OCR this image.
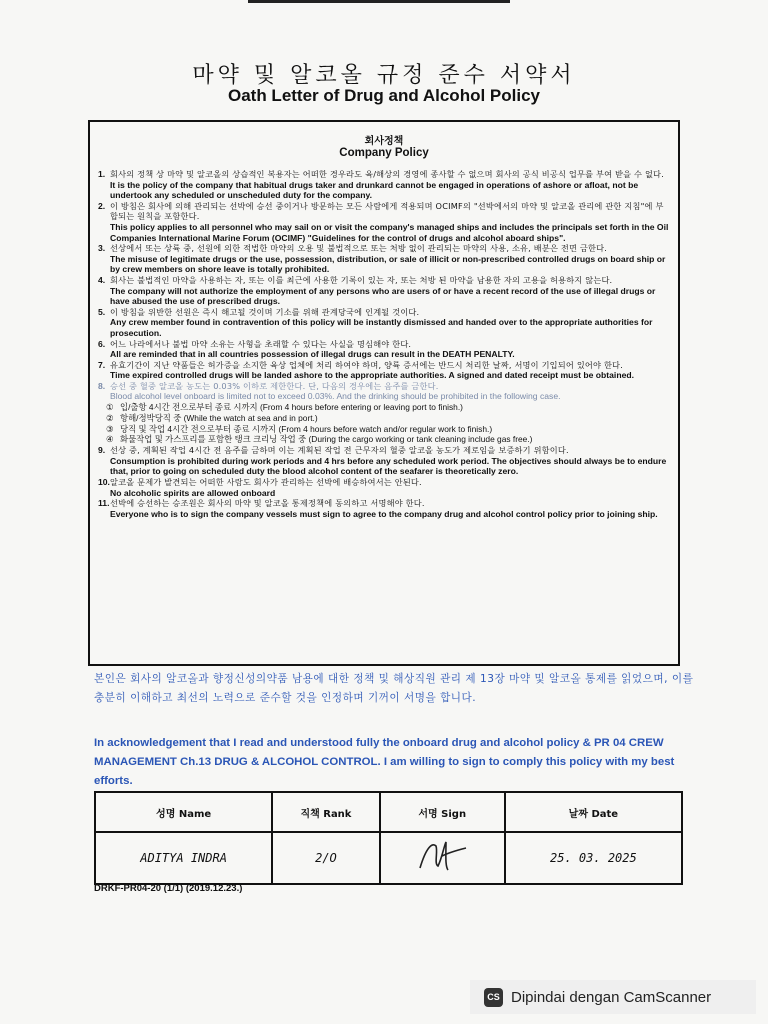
마약 및 알코올 규정 준수 서약서
Oath Letter of Drug and Alcohol Policy
회사정책
Company Policy
1. 회사의 정책 상 마약 및 알코올의 상습적인 복용자는 어떠한 경우라도 육/해상의 경영에 종사할 수 없으며 회사의 공식 비공식 업무를 부여 받을 수 없다.
It is the policy of the company that habitual drugs taker and drunkard cannot be engaged in operations of ashore or afloat, not be undertook any scheduled or unscheduled duty for the company.
2. 이 방침은 회사에 의해 관리되는 선박에 승선 중이거나 방문하는 모든 사람에게 적용되며 OCIMF의 "선박에서의 마약 및 알코올 관리에 관한 지침"에 부합되는 원칙을 포함한다.
This policy applies to all personnel who may sail on or visit the company's managed ships and includes the principals set forth in the Oil Companies International Marine Forum (OCIMF) "Guidelines for the control of drugs and alcohol aboard ships".
3. 선상에서 또는 상륙 중, 선원에 의한 적법한 마약의 오용 및 불법적으로 또는 처방 없이 관리되는 마약의 사용, 소유, 배분은 전면 금한다.
The misuse of legitimate drugs or the use, possession, distribution, or sale of illicit or non-prescribed controlled drugs on board ship or by crew members on shore leave is totally prohibited.
4. 회사는 불법적인 마약을 사용하는 자, 또는 이를 최근에 사용한 기록이 있는 자, 또는 처방 된 마약을 남용한 자의 고용을 허용하지 않는다.
The company will not authorize the employment of any persons who are users of or have a recent record of the use of illegal drugs or have abused the use of prescribed drugs.
5. 이 방침을 위반한 선원은 즉시 해고될 것이며 기소를 위해 관계당국에 인계될 것이다.
Any crew member found in contravention of this policy will be instantly dismissed and handed over to the appropriate authorities for prosecution.
6. 어느 나라에서나 불법 마약 소유는 사형을 초래할 수 있다는 사실을 명심해야 한다.
All are reminded that in all countries possession of illegal drugs can result in the DEATH PENALTY.
7. 유효기간이 지난 약품들은 허가증을 소지한 육상 업체에 처리 하여야 하며, 양륙 증서에는 반드시 처리한 날짜, 서명이 기입되어 있어야 한다.
Time expired controlled drugs will be landed ashore to the appropriate authorities. A signed and dated receipt must be obtained.
8. 승선 중 혈중 알코올 농도는 0.03% 이하로 제한한다. 단, 다음의 경우에는 음주를 금한다.
Blood alcohol level onboard is limited not to exceed 0.03%. And the drinking should be prohibited in the following case.
① 입/출항 4시간 전으로부터 종료 시까지 (From 4 hours before entering or leaving port to finish.)
② 항해/정박당직 중 (While the watch at sea and in port.)
③ 당직 및 작업 4시간 전으로부터 종료 시까지 (From 4 hours before watch and/or regular work to finish.)
④ 화물작업 및 가스프리를 포함한 탱크 크리닝 작업 중 (During the cargo working or tank cleaning include gas free.)
9. 선상 중, 계획된 작업 4시간 전 음주를 금하며 이는 계획된 작업 전 근무자의 혈중 알코올 농도가 제로임을 보증하기 위함이다.
Consumption is prohibited during work periods and 4 hrs before any scheduled work period. The objectives should always be to endure that, prior to going on scheduled duty the blood alcohol content of the seafarer is theoretically zero.
10. 알코올 문제가 발견되는 어떠한 사람도 회사가 관리하는 선박에 배승하여서는 안된다.
No alcoholic spirits are allowed onboard
11. 선박에 승선하는 승조원은 회사의 마약 및 알코올 통제정책에 동의하고 서명해야 한다.
Everyone who is to sign the company vessels must sign to agree to the company drug and alcohol control policy prior to joining ship.
본인은 회사의 알코올과 향정신성의약품 남용에 대한 정책 및 해상직원 관리 제 13장 마약 및 알코올 통제를 읽었으며, 이를 충분히 이해하고 최선의 노력으로 준수할 것을 인정하며 기꺼이 서명을 합니다.
In acknowledgement that I read and understood fully the onboard drug and alcohol policy & PR 04 CREW MANAGEMENT Ch.13 DRUG & ALCOHOL CONTROL. I am willing to sign to comply this policy with my best efforts.
성명 Name	직책 Rank	서명 Sign	날짜 Date
ADITYA INDRA	2/O		25. 03. 2025
DRKF-PR04-20 (1/1) (2019.12.23.)
CS Dipindai dengan CamScanner
